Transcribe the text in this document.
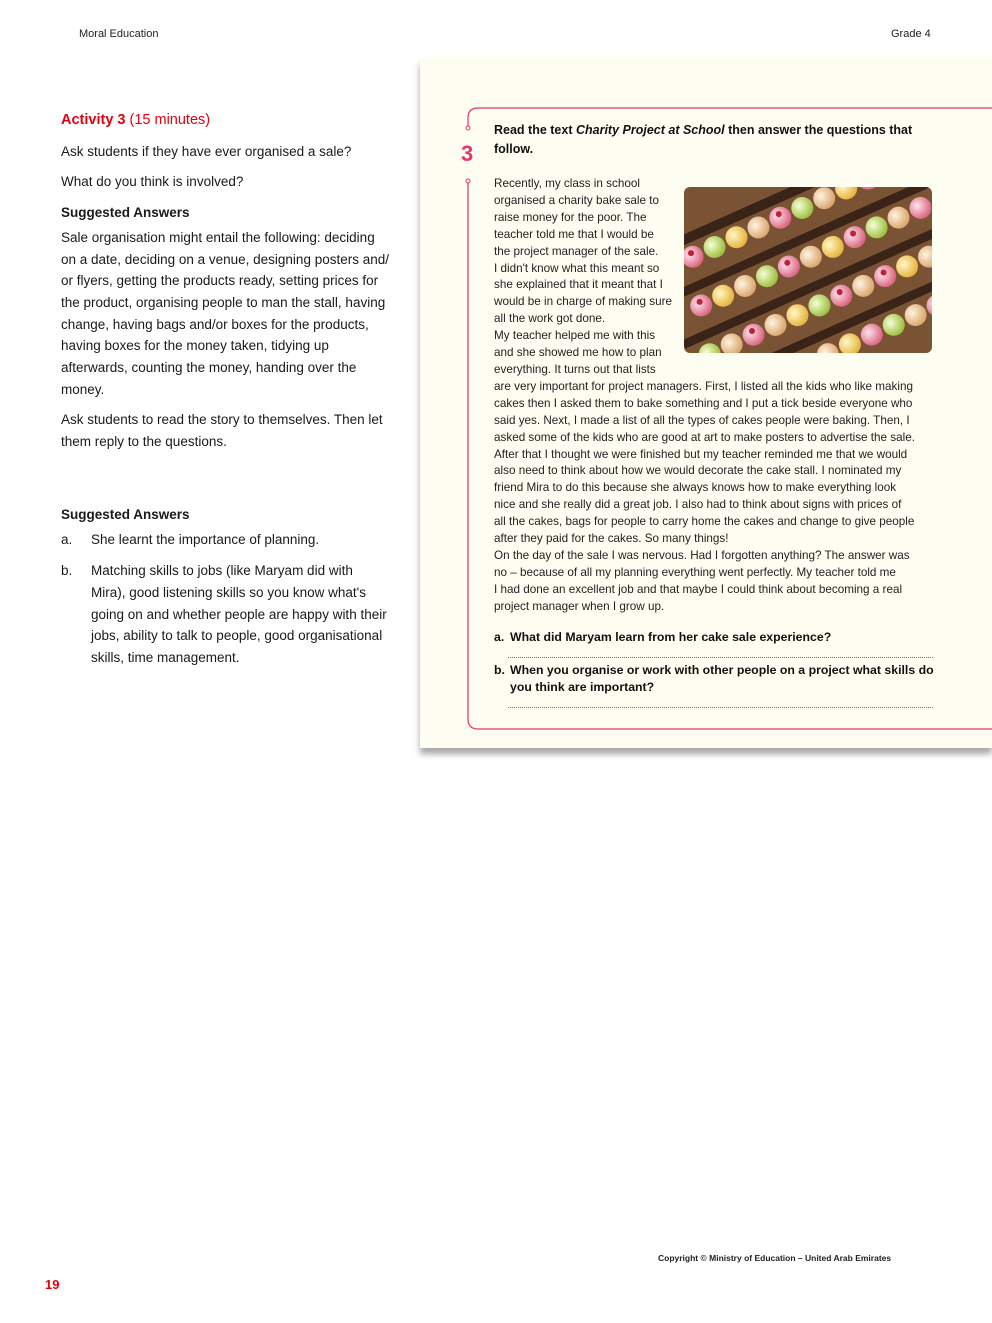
Moral Education	Grade 4
Activity 3 (15 minutes)

Ask students if they have ever organised a sale?

What do you think is involved?

Suggested Answers

Sale organisation might entail the following: deciding on a date, deciding on a venue, designing posters and/ or flyers, getting the products ready, setting prices for the product, organising people to man the stall, having change, having bags and/or boxes for the products, having boxes for the money taken, tidying up afterwards, counting the money, handing over the money.

Ask students to read the story to themselves. Then let them reply to the questions.

Suggested Answers
a. She learnt the importance of planning.
b. Matching skills to jobs (like Maryam did with Mira), good listening skills so you know what's going on and whether people are happy with their jobs, ability to talk to people, good organisational skills, time management.
3
Read the text Charity Project at School then answer the questions that follow.

Recently, my class in school

organised a charity bake sale to

raise money for the poor. The

teacher told me that I would be

the project manager of the sale.

I didn't know what this meant so

she explained that it meant that I

would be in charge of making sure

all the work got done.

My teacher helped me with this

and she showed me how to plan

everything. It turns out that lists

are very important for project managers. First, I listed all the kids who like making

cakes then I asked them to bake something and I put a tick beside everyone who

said yes. Next, I made a list of all the types of cakes people were baking. Then, I

asked some of the kids who are good at art to make posters to advertise the sale.

After that I thought we were finished but my teacher reminded me that we would

also need to think about how we would decorate the cake stall. I nominated my

friend Mira to do this because she always knows how to make everything look

nice and she really did a great job. I also had to think about signs with prices of

all the cakes, bags for people to carry home the cakes and change to give people

after they paid for the cakes. So many things!

On the day of the sale I was nervous. Had I forgotten anything? The answer was

no – because of all my planning everything went perfectly. My teacher told me

I had done an excellent job and that maybe I could think about becoming a real

project manager when I grow up.

a. What did Maryam learn from her cake sale experience?
b. When you organise or work with other people on a project what skills do you think are important?
Copyright © Ministry of Education – United Arab Emirates
19
